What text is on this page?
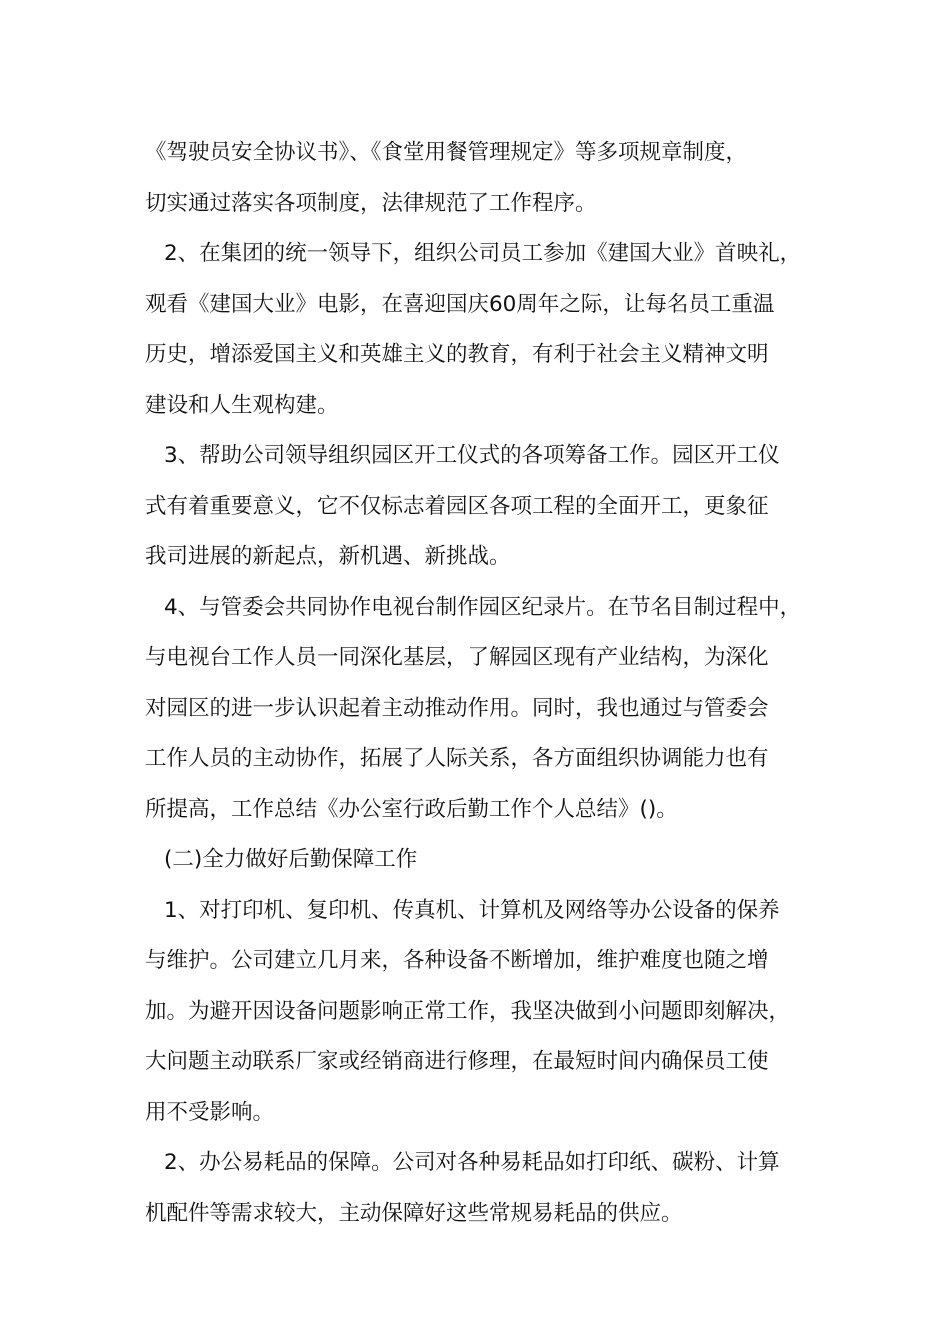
《驾驶员安全协议书》、《食堂用餐管理规定》等多项规章制度，
切实通过落实各项制度，法律规范了工作程序。
2、在集团的统一领导下，组织公司员工参加《建国大业》首映礼，
观看《建国大业》电影，在喜迎国庆60周年之际，让每名员工重温
历史，增添爱国主义和英雄主义的教育，有利于社会主义精神文明
建设和人生观构建。
3、帮助公司领导组织园区开工仪式的各项筹备工作。园区开工仪
式有着重要意义，它不仅标志着园区各项工程的全面开工，更象征
我司进展的新起点，新机遇、新挑战。
4、与管委会共同协作电视台制作园区纪录片。在节名目制过程中，
与电视台工作人员一同深化基层，了解园区现有产业结构，为深化
对园区的进一步认识起着主动推动作用。同时，我也通过与管委会
工作人员的主动协作，拓展了人际关系，各方面组织协调能力也有
所提高，工作总结《办公室行政后勤工作个人总结》()。
(二)全力做好后勤保障工作
1、对打印机、复印机、传真机、计算机及网络等办公设备的保养
与维护。公司建立几月来，各种设备不断增加，维护难度也随之增
加。为避开因设备问题影响正常工作，我坚决做到小问题即刻解决，
大问题主动联系厂家或经销商进行修理，在最短时间内确保员工使
用不受影响。
2、办公易耗品的保障。公司对各种易耗品如打印纸、碳粉、计算
机配件等需求较大，主动保障好这些常规易耗品的供应。
